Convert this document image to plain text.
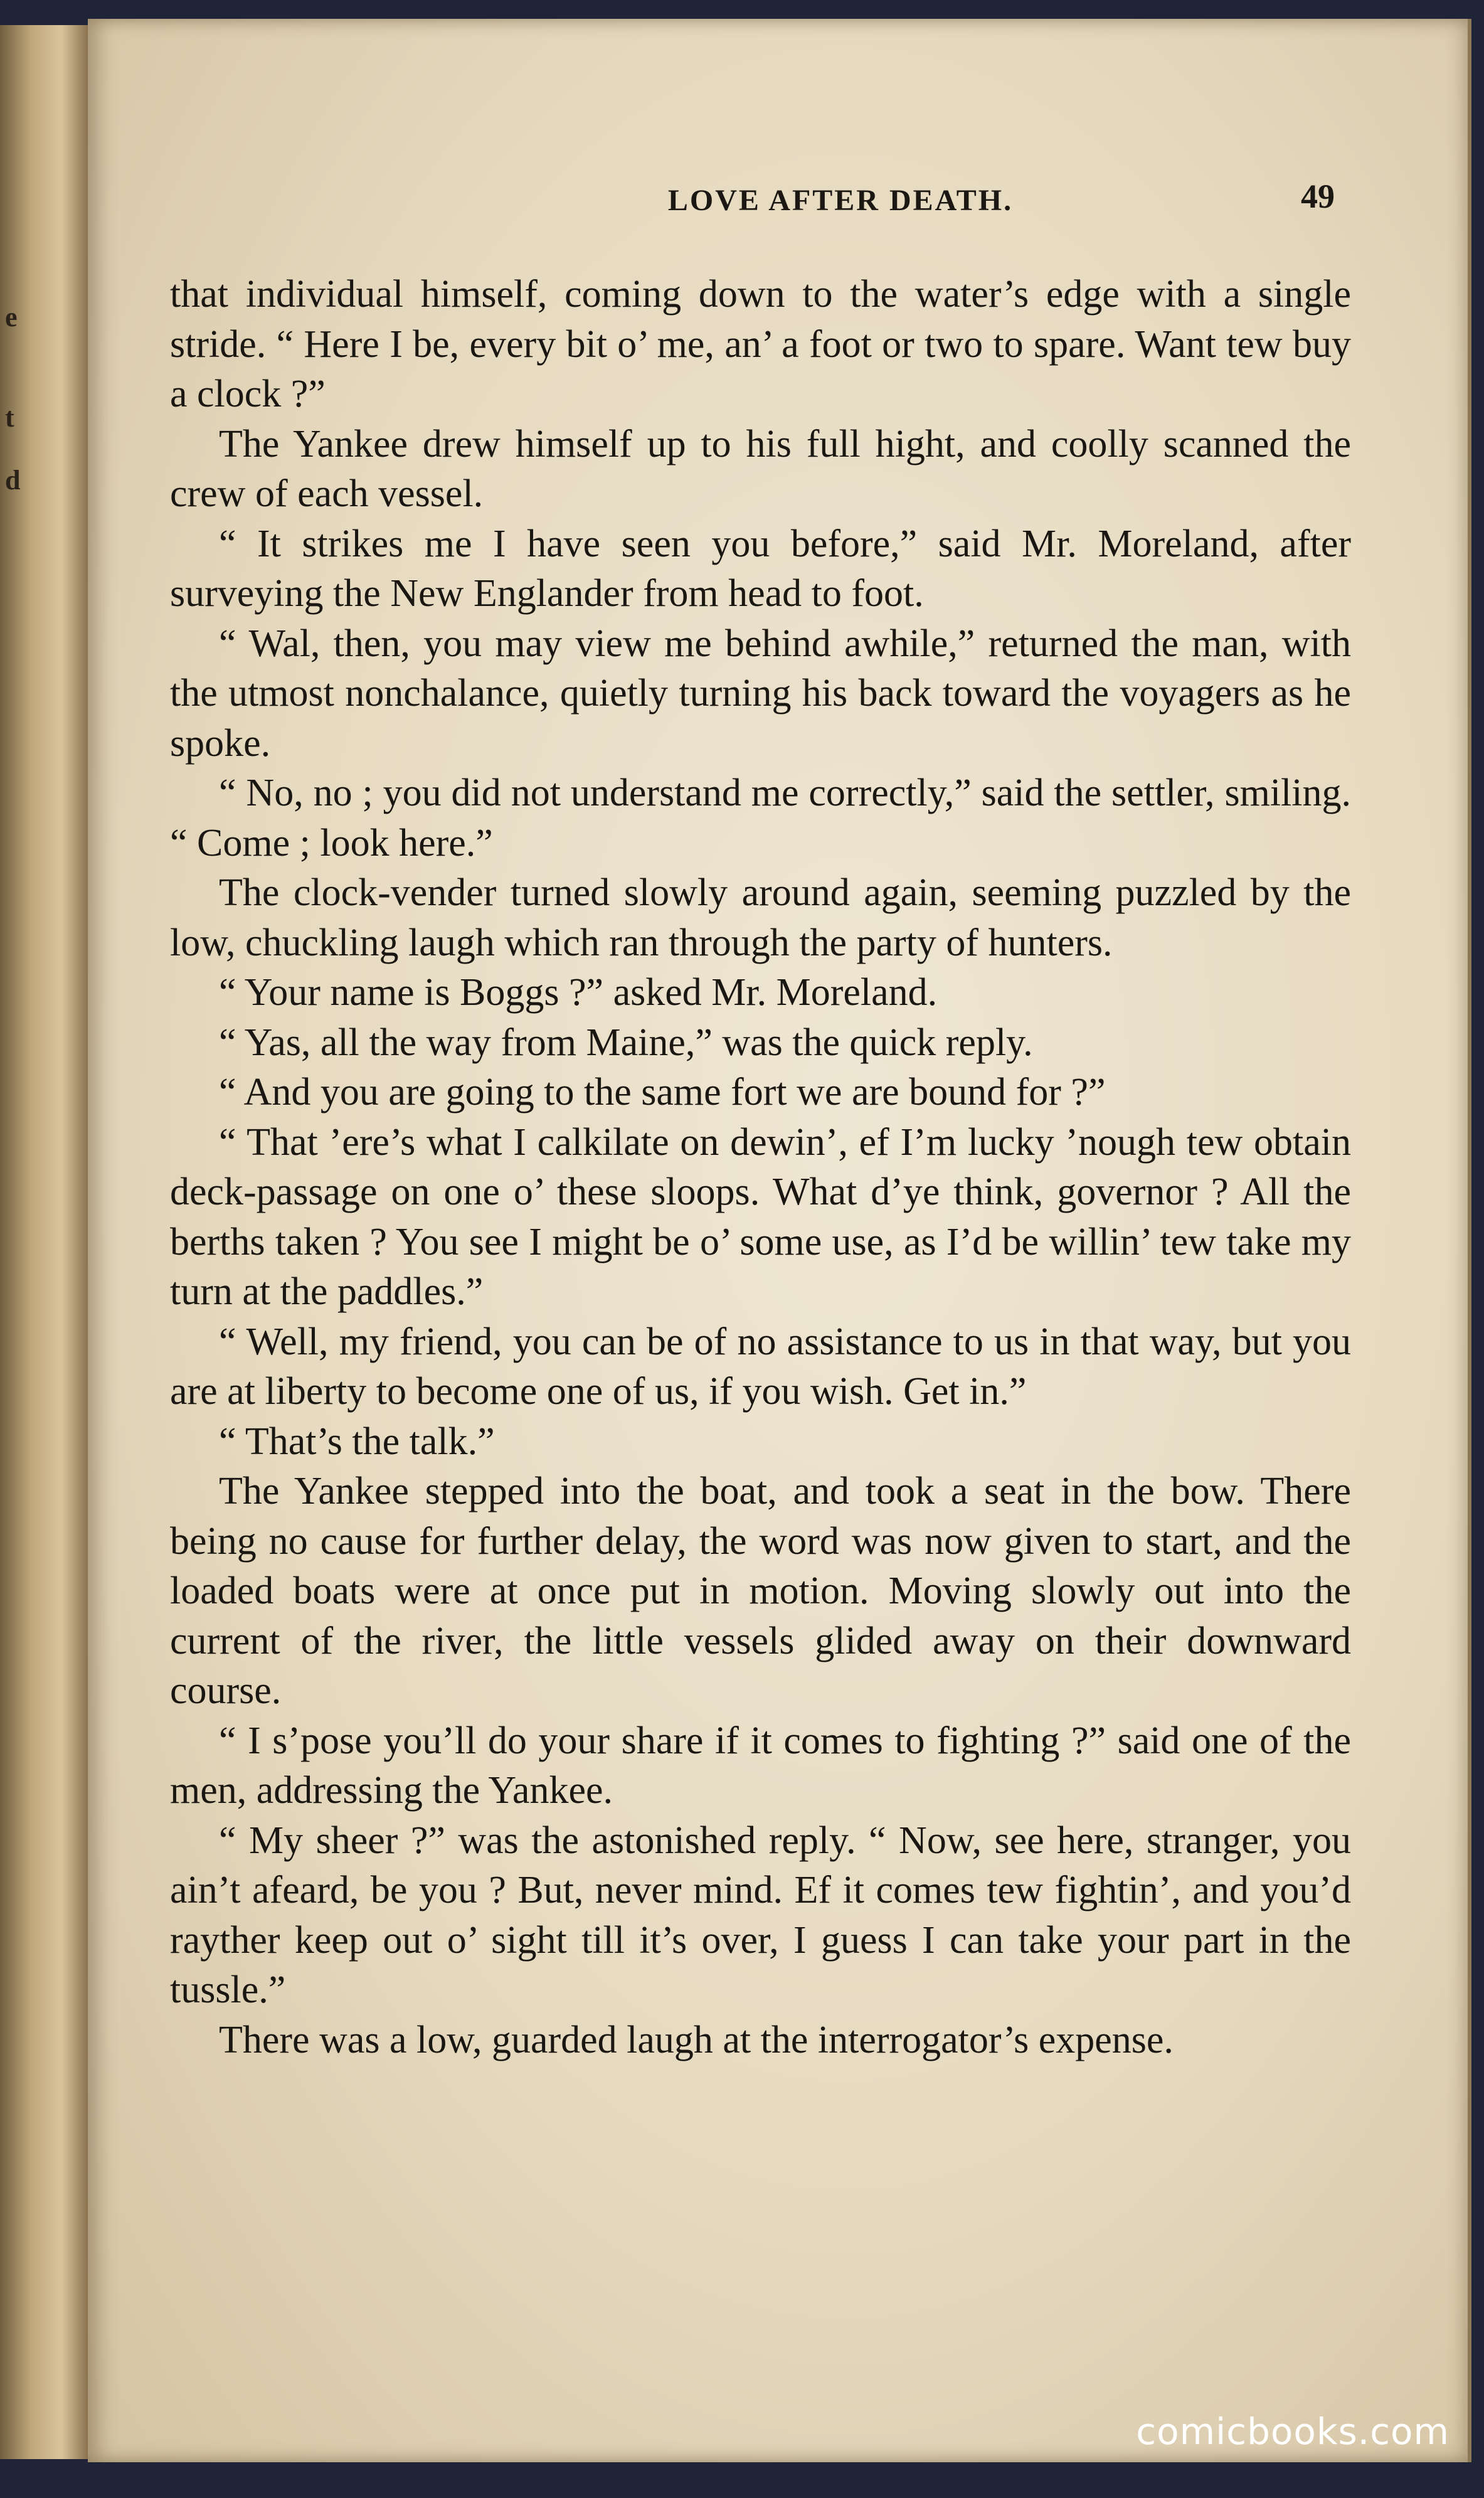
e
t
d
LOVE AFTER DEATH.	49

that individual himself, coming down to the water’s edge with a single stride. “ Here I be, every bit o’ me, an’ a foot or two to spare. Want tew buy a clock ?”

The Yankee drew himself up to his full hight, and coolly scanned the crew of each vessel.

“ It strikes me I have seen you before,” said Mr. Moreland, after surveying the New Englander from head to foot.

“ Wal, then, you may view me behind awhile,” returned the man, with the utmost nonchalance, quietly turning his back toward the voyagers as he spoke.

“ No, no ; you did not understand me correctly,” said the settler, smiling. “ Come ; look here.”

The clock-vender turned slowly around again, seeming puzzled by the low, chuckling laugh which ran through the party of hunters.

“ Your name is Boggs ?” asked Mr. Moreland.

“ Yas, all the way from Maine,” was the quick reply.

“ And you are going to the same fort we are bound for ?”

“ That ’ere’s what I calkilate on dewin’, ef I’m lucky ’nough tew obtain deck-passage on one o’ these sloops. What d’ye think, governor ? All the berths taken ? You see I might be o’ some use, as I’d be willin’ tew take my turn at the paddles.”

“ Well, my friend, you can be of no assistance to us in that way, but you are at liberty to become one of us, if you wish. Get in.”

“ That’s the talk.”

The Yankee stepped into the boat, and took a seat in the bow. There being no cause for further delay, the word was now given to start, and the loaded boats were at once put in motion. Moving slowly out into the current of the river, the little vessels glided away on their downward course.

“ I s’pose you’ll do your share if it comes to fighting ?” said one of the men, addressing the Yankee.

“ My sheer ?” was the astonished reply. “ Now, see here, stranger, you ain’t afeard, be you ? But, never mind. Ef it comes tew fightin’, and you’d rayther keep out o’ sight till it’s over, I guess I can take your part in the tussle.”

There was a low, guarded laugh at the interrogator’s expense.

comicbooks.com
